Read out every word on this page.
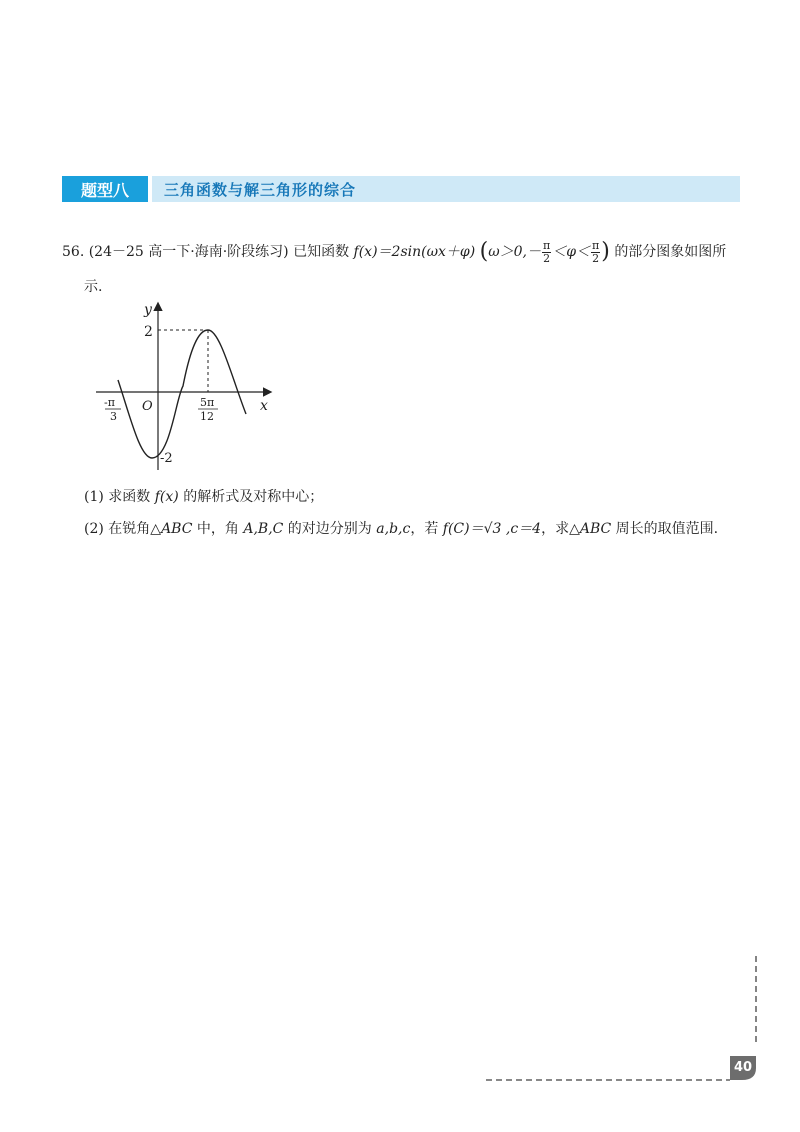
题型八	三角函数与解三角形的综合
56. (24－25 高一下·海南·阶段练习) 已知函数 f(x)＝2sin(ωx＋φ) ($\omega>0,- \frac{\pi}{2} <\varphi< \frac{\pi}{2}$ ) 的部分图象如图所
示.
y
x
O
2
-2
-π
3
5π
12
(1) 求函数 f(x) 的解析式及对称中心；
(2) 在锐角△ABC 中，角 A,B,C 的对边分别为 a,b,c，若 f(C)＝√3 ,c＝4，求△ABC 周长的取值范围.
40
